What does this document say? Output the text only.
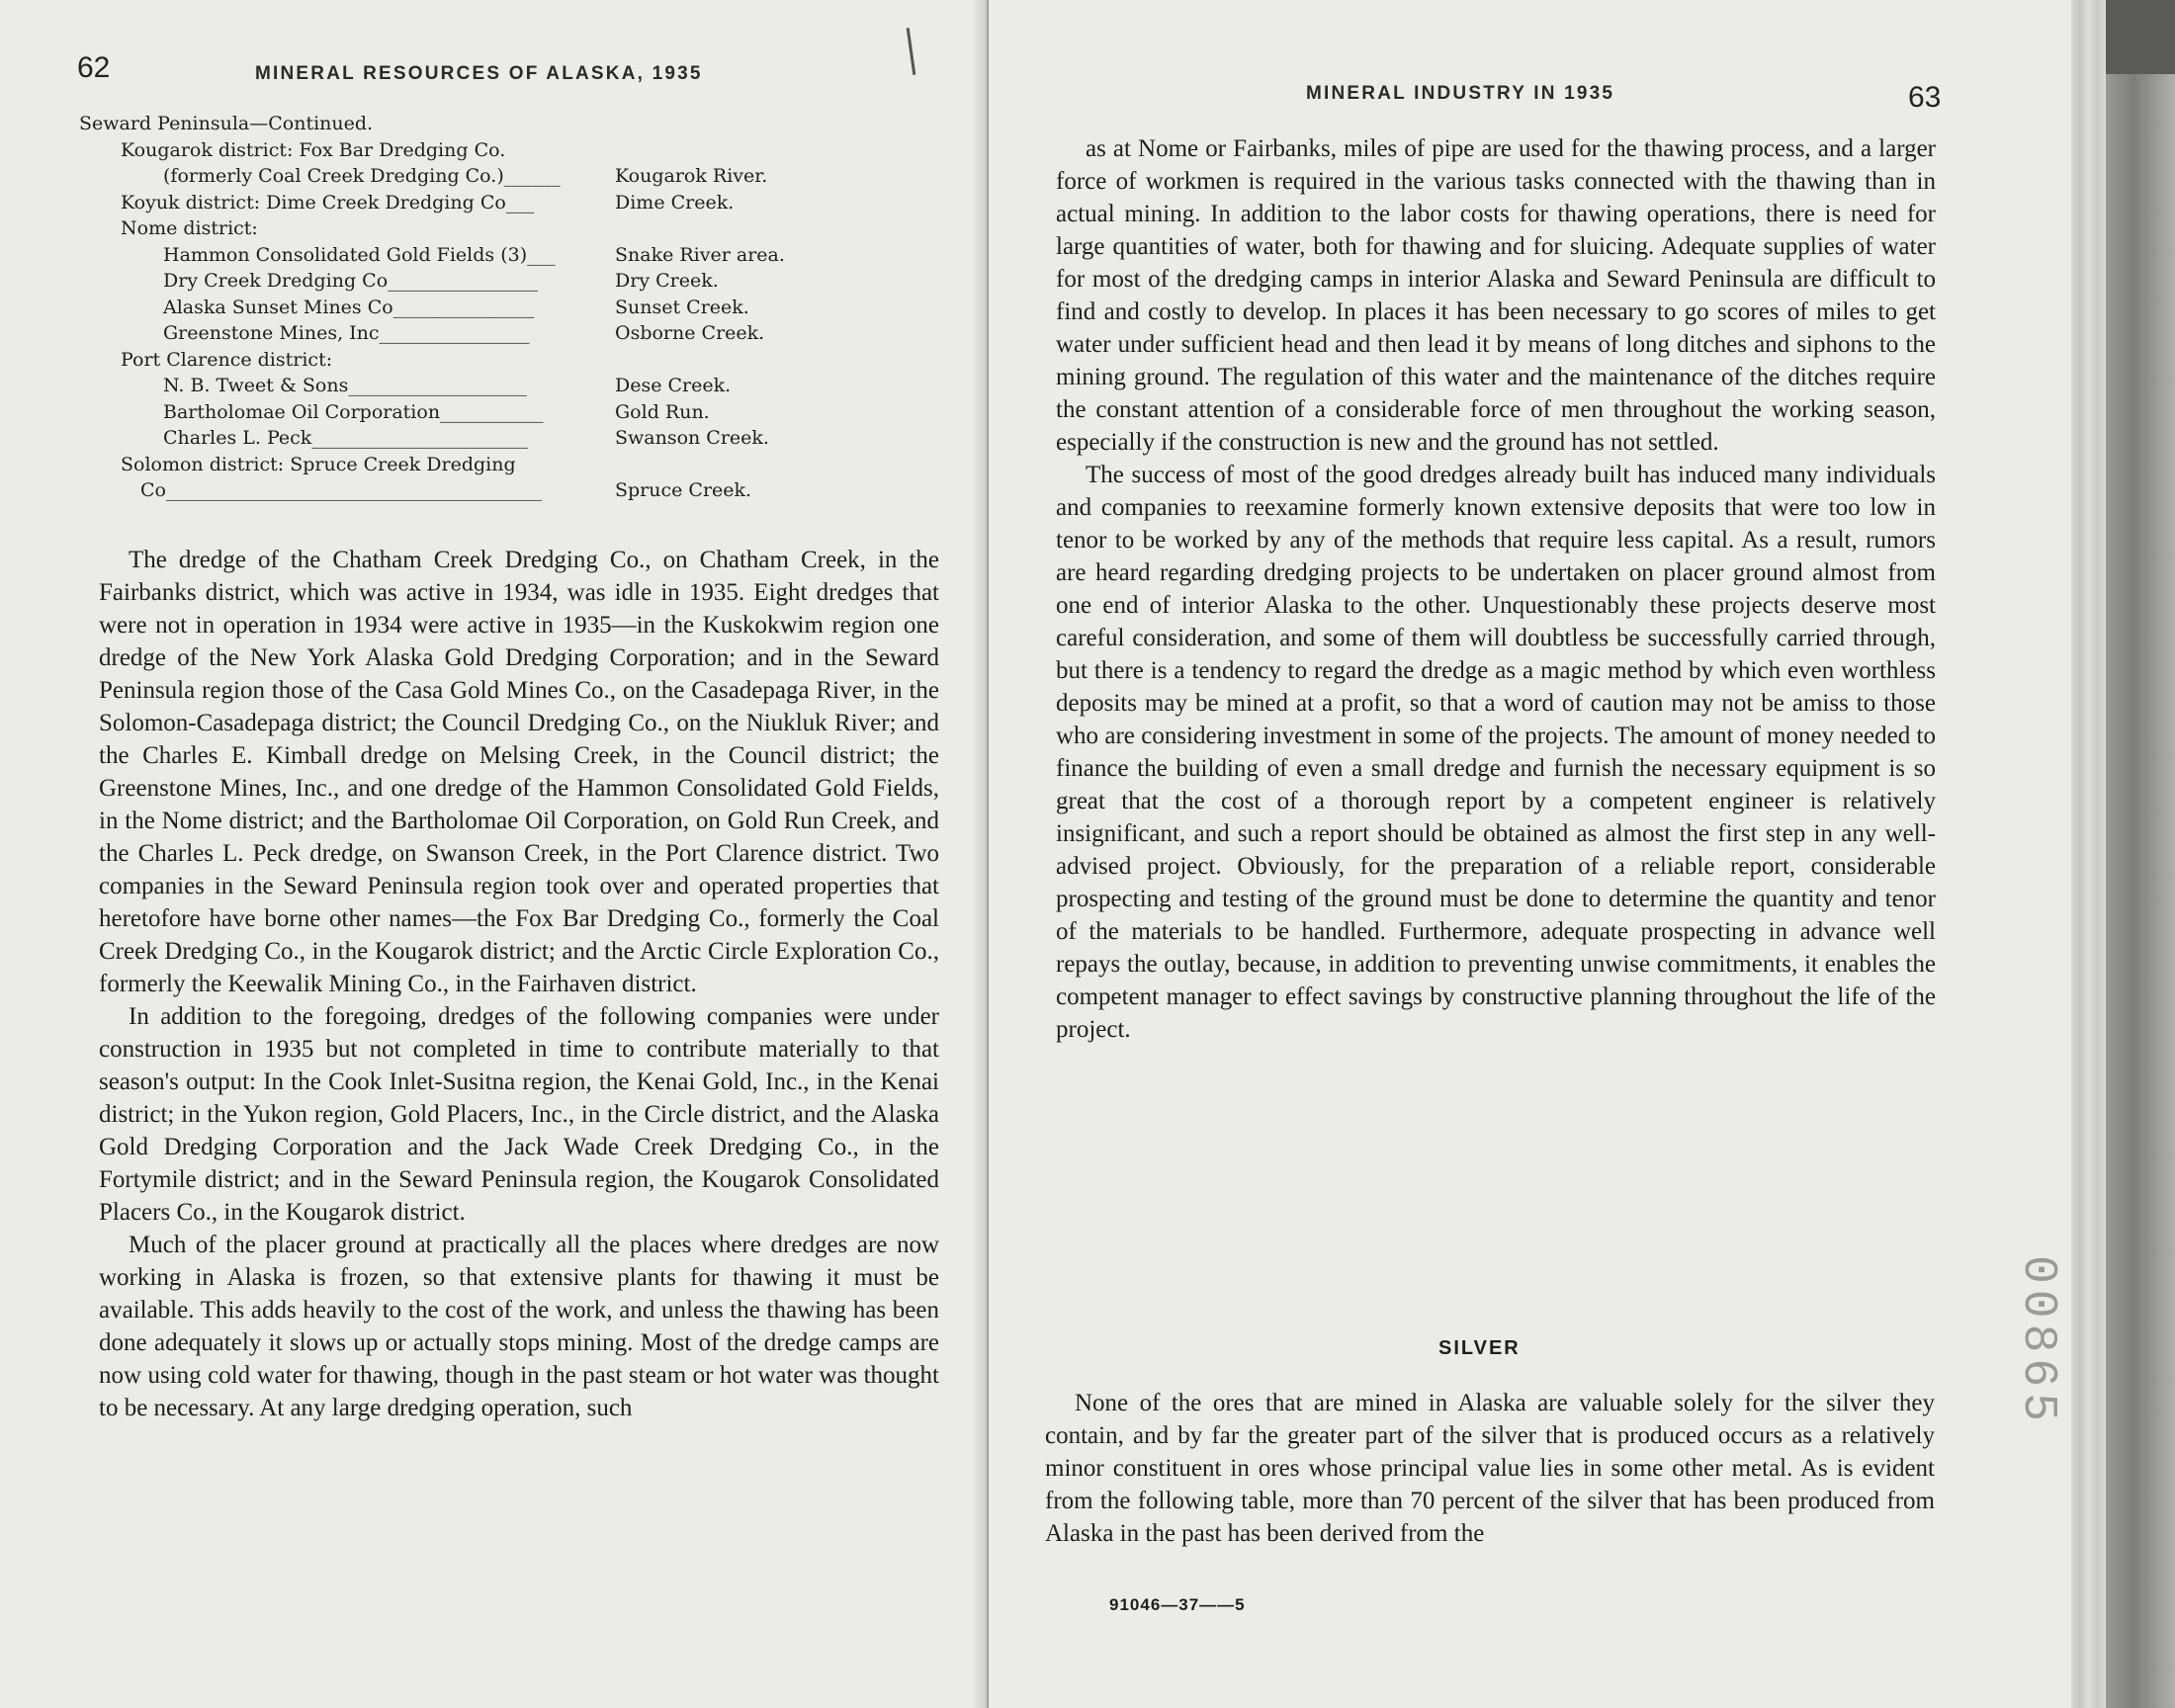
62	MINERAL RESOURCES OF ALASKA, 1935
Seward Peninsula—Continued.
Kougarok district: Fox Bar Dredging Co.
(formerly Coal Creek Dredging Co.)______	Kougarok River.
Koyuk district: Dime Creek Dredging Co___	Dime Creek.
Nome district:
Hammon Consolidated Gold Fields (3)___	Snake River area.
Dry Creek Dredging Co________________	Dry Creek.
Alaska Sunset Mines Co_______________	Sunset Creek.
Greenstone Mines, Inc________________	Osborne Creek.
Port Clarence district:
N. B. Tweet & Sons___________________	Dese Creek.
Bartholomae Oil Corporation___________	Gold Run.
Charles L. Peck_______________________	Swanson Creek.
Solomon district: Spruce Creek Dredging
Co________________________________________	Spruce Creek.

The dredge of the Chatham Creek Dredging Co., on Chatham Creek, in the Fairbanks district, which was active in 1934, was idle in 1935. Eight dredges that were not in operation in 1934 were active in 1935—in the Kuskokwim region one dredge of the New York Alaska Gold Dredging Corporation; and in the Seward Peninsula region those of the Casa Gold Mines Co., on the Casadepaga River, in the Solomon-Casadepaga district; the Council Dredging Co., on the Niukluk River; and the Charles E. Kimball dredge on Melsing Creek, in the Council district; the Greenstone Mines, Inc., and one dredge of the Hammon Consolidated Gold Fields, in the Nome district; and the Bartholomae Oil Corporation, on Gold Run Creek, and the Charles L. Peck dredge, on Swanson Creek, in the Port Clarence district. Two companies in the Seward Peninsula region took over and operated properties that heretofore have borne other names—the Fox Bar Dredging Co., formerly the Coal Creek Dredging Co., in the Kougarok district; and the Arctic Circle Exploration Co., formerly the Keewalik Mining Co., in the Fairhaven district.

In addition to the foregoing, dredges of the following companies were under construction in 1935 but not completed in time to contribute materially to that season's output: In the Cook Inlet-Susitna region, the Kenai Gold, Inc., in the Kenai district; in the Yukon region, Gold Placers, Inc., in the Circle district, and the Alaska Gold Dredging Corporation and the Jack Wade Creek Dredging Co., in the Fortymile district; and in the Seward Peninsula region, the Kougarok Consolidated Placers Co., in the Kougarok district.

Much of the placer ground at practically all the places where dredges are now working in Alaska is frozen, so that extensive plants for thawing it must be available. This adds heavily to the cost of the work, and unless the thawing has been done adequately it slows up or actually stops mining. Most of the dredge camps are now using cold water for thawing, though in the past steam or hot water was thought to be necessary. At any large dredging operation, such

MINERAL INDUSTRY IN 1935	63

as at Nome or Fairbanks, miles of pipe are used for the thawing process, and a larger force of workmen is required in the various tasks connected with the thawing than in actual mining. In addition to the labor costs for thawing operations, there is need for large quantities of water, both for thawing and for sluicing. Adequate supplies of water for most of the dredging camps in interior Alaska and Seward Peninsula are difficult to find and costly to develop. In places it has been necessary to go scores of miles to get water under sufficient head and then lead it by means of long ditches and siphons to the mining ground. The regulation of this water and the maintenance of the ditches require the constant attention of a considerable force of men throughout the working season, especially if the construction is new and the ground has not settled.

The success of most of the good dredges already built has induced many individuals and companies to reexamine formerly known extensive deposits that were too low in tenor to be worked by any of the methods that require less capital. As a result, rumors are heard regarding dredging projects to be undertaken on placer ground almost from one end of interior Alaska to the other. Unquestionably these projects deserve most careful consideration, and some of them will doubtless be successfully carried through, but there is a tendency to regard the dredge as a magic method by which even worthless deposits may be mined at a profit, so that a word of caution may not be amiss to those who are considering investment in some of the projects. The amount of money needed to finance the building of even a small dredge and furnish the necessary equipment is so great that the cost of a thorough report by a competent engineer is relatively insignificant, and such a report should be obtained as almost the first step in any well-advised project. Obviously, for the preparation of a reliable report, considerable prospecting and testing of the ground must be done to determine the quantity and tenor of the materials to be handled. Furthermore, adequate prospecting in advance well repays the outlay, because, in addition to preventing unwise commitments, it enables the competent manager to effect savings by constructive planning throughout the life of the project.

SILVER

None of the ores that are mined in Alaska are valuable solely for the silver they contain, and by far the greater part of the silver that is produced occurs as a relatively minor constituent in ores whose principal value lies in some other metal. As is evident from the following table, more than 70 percent of the silver that has been produced from Alaska in the past has been derived from the

91046—37——5
00865
